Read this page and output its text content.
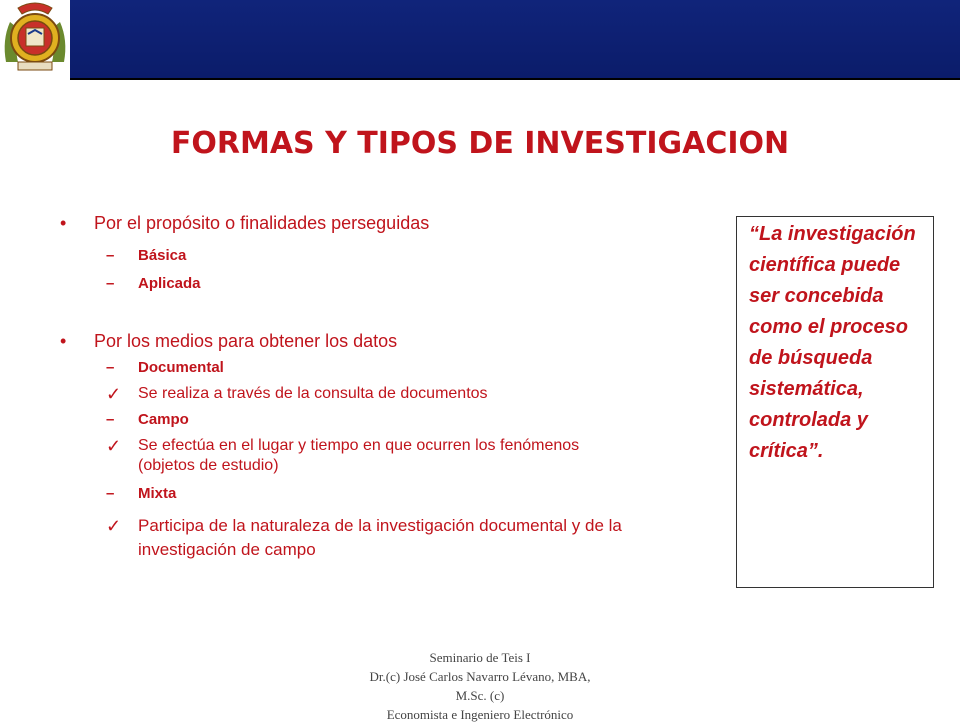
FORMAS Y TIPOS DE INVESTIGACION
• Por el propósito o finalidades perseguidas
– Básica
– Aplicada
• Por los medios para obtener los datos
– Documental
✓ Se realiza a través de la consulta de documentos
– Campo
✓ Se efectúa en el lugar y tiempo en que ocurren los fenómenos (objetos de estudio)
– Mixta
✓ Participa de la naturaleza de la investigación documental y de la investigación de campo
“La investigación científica puede ser concebida como el proceso de búsqueda sistemática, controlada y crítica”.
Seminario de Teis I
Dr.(c) José Carlos Navarro Lévano, MBA,
M.Sc. (c)
Economista e Ingeniero Electrónico
